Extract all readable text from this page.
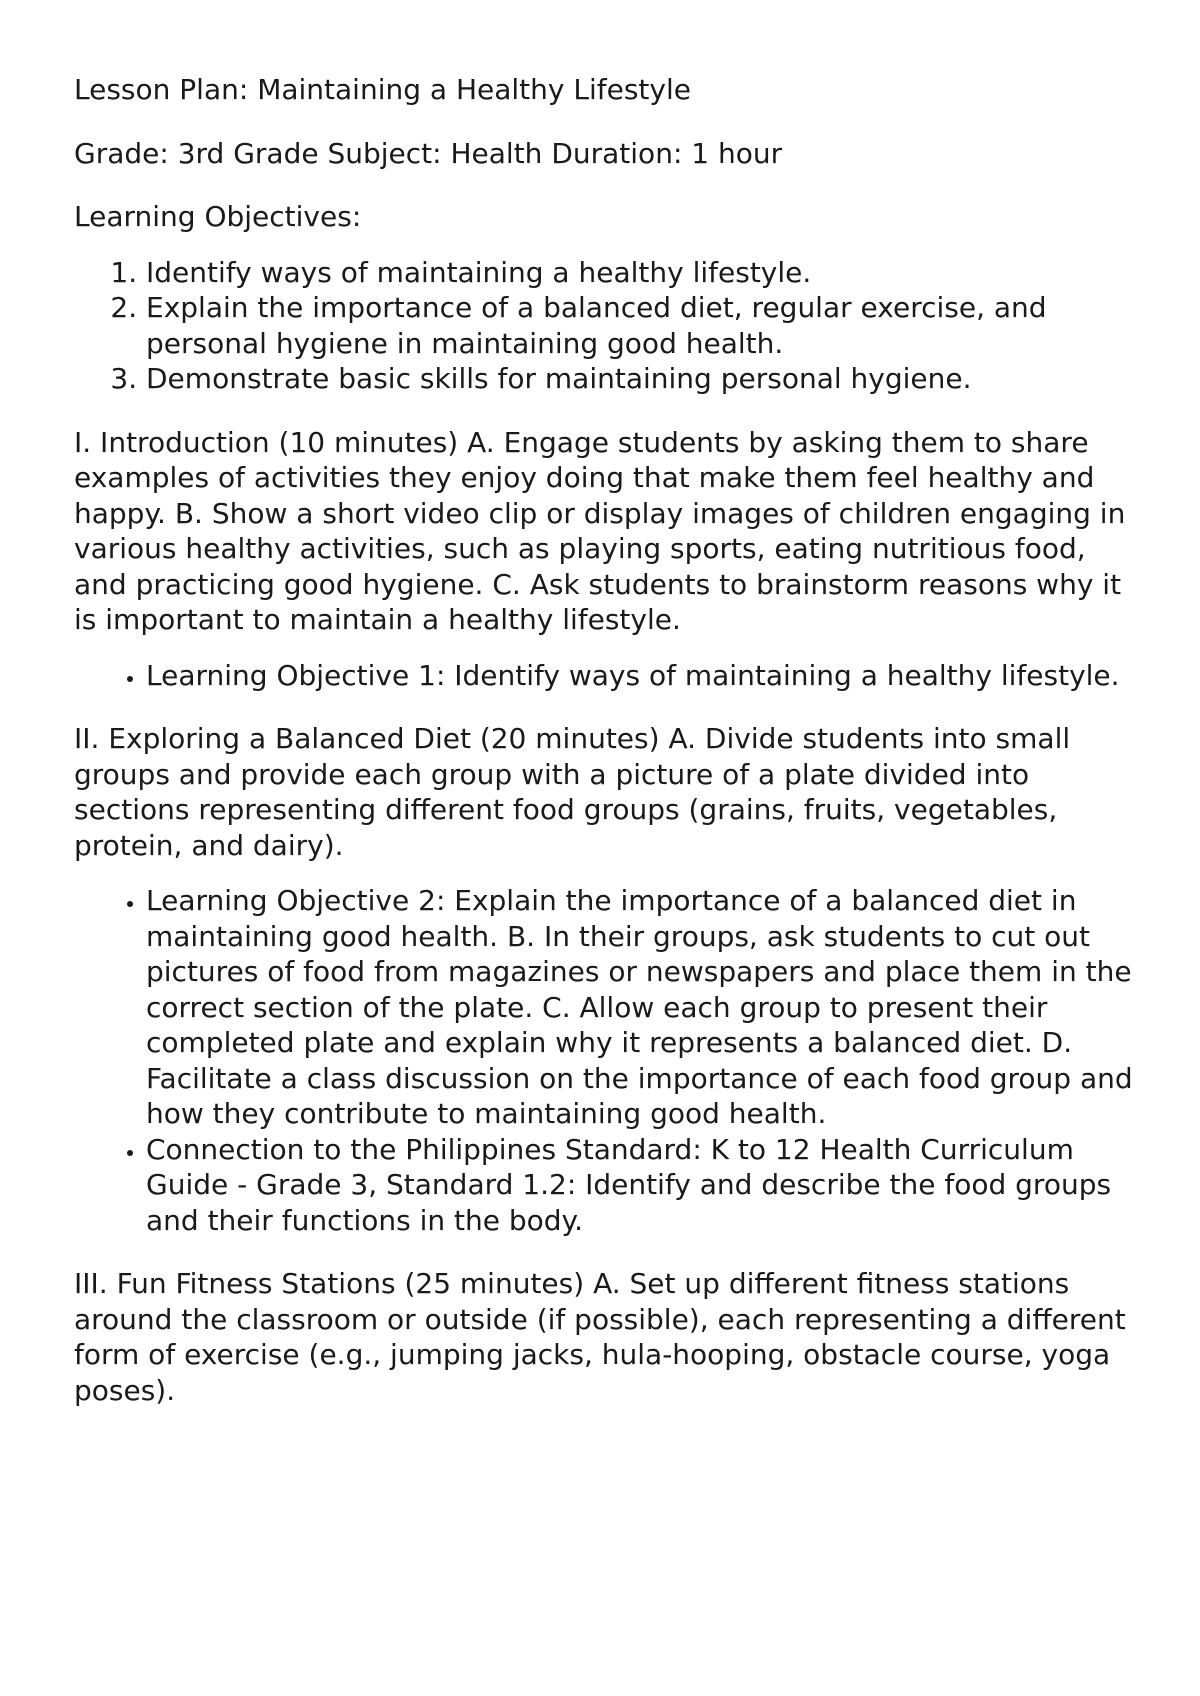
Lesson Plan: Maintaining a Healthy Lifestyle

Grade: 3rd Grade Subject: Health Duration: 1 hour

Learning Objectives:

1. Identify ways of maintaining a healthy lifestyle.
2. Explain the importance of a balanced diet, regular exercise, and personal hygiene in maintaining good health.
3. Demonstrate basic skills for maintaining personal hygiene.

I. Introduction (10 minutes) A. Engage students by asking them to share examples of activities they enjoy doing that make them feel healthy and happy. B. Show a short video clip or display images of children engaging in various healthy activities, such as playing sports, eating nutritious food, and practicing good hygiene. C. Ask students to brainstorm reasons why it is important to maintain a healthy lifestyle.

• Learning Objective 1: Identify ways of maintaining a healthy lifestyle.

II. Exploring a Balanced Diet (20 minutes) A. Divide students into small groups and provide each group with a picture of a plate divided into sections representing different food groups (grains, fruits, vegetables, protein, and dairy).

• Learning Objective 2: Explain the importance of a balanced diet in maintaining good health. B. In their groups, ask students to cut out pictures of food from magazines or newspapers and place them in the correct section of the plate. C. Allow each group to present their completed plate and explain why it represents a balanced diet. D. Facilitate a class discussion on the importance of each food group and how they contribute to maintaining good health.
• Connection to the Philippines Standard: K to 12 Health Curriculum Guide - Grade 3, Standard 1.2: Identify and describe the food groups and their functions in the body.

III. Fun Fitness Stations (25 minutes) A. Set up different fitness stations around the classroom or outside (if possible), each representing a different form of exercise (e.g., jumping jacks, hula-hooping, obstacle course, yoga poses).
